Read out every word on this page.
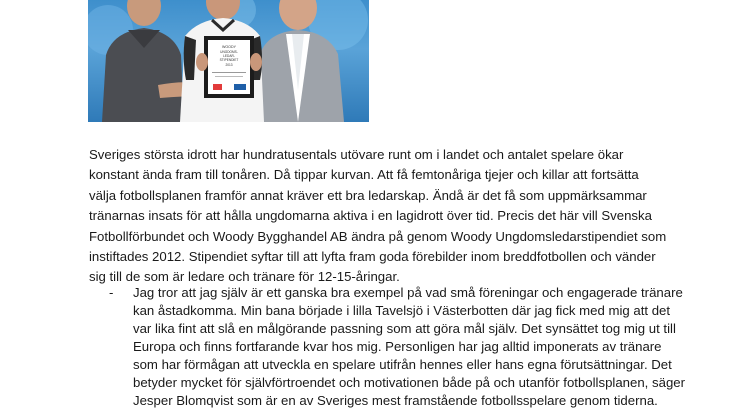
WOODY
UNGDOMS-
LEDAR-
STIPENDIET
2013

Sveriges största idrott har hundratusentals utövare runt om i landet och antalet spelare ökar konstant ända fram till tonåren. Då tippar kurvan. Att få femtonåriga tjejer och killar att fortsätta välja fotbollsplanen framför annat kräver ett bra ledarskap. Ändå är det få som uppmärksammar tränarnas insats för att hålla ungdomarna aktiva i en lagidrott över tid. Precis det här vill Svenska Fotbollförbundet och Woody Bygghandel AB ändra på genom Woody Ungdomsledarstipendiet som instiftades 2012. Stipendiet syftar till att lyfta fram goda förebilder inom breddfotbollen och vänder sig till de som är ledare och tränare för 12-15-åringar.

- Jag tror att jag själv är ett ganska bra exempel på vad små föreningar och engagerade tränare kan åstadkomma. Min bana började i lilla Tavelsjö i Västerbotten där jag fick med mig att det var lika fint att slå en målgörande passning som att göra mål själv. Det synsättet tog mig ut till Europa och finns fortfarande kvar hos mig. Personligen har jag alltid imponerats av tränare som har förmågan att utveckla en spelare utifrån hennes eller hans egna förutsättningar. Det betyder mycket för självförtroendet och motivationen både på och utanför fotbollsplanen, säger Jesper Blomqvist som är en av Sveriges mest framstående fotbollsspelare genom tiderna.
